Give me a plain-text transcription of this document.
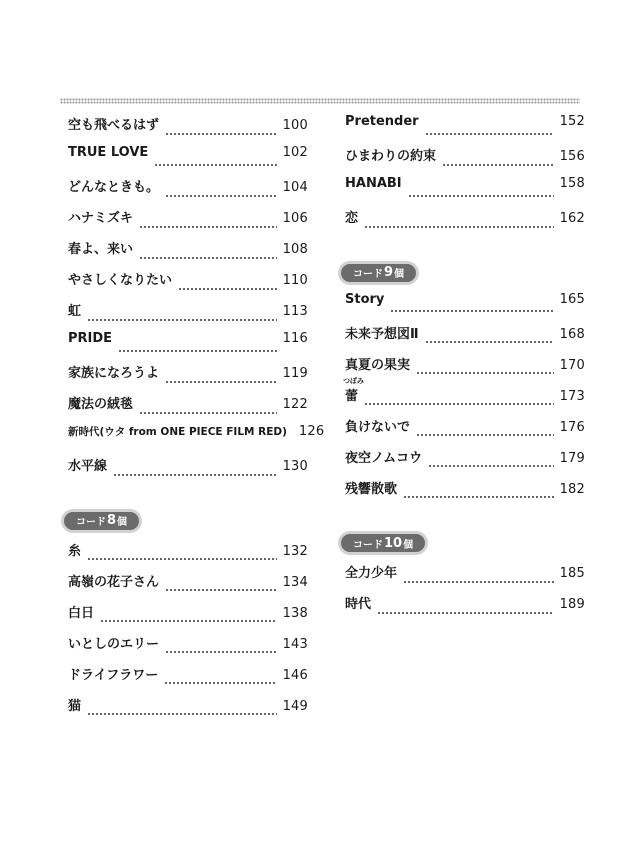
空も飛べるはず	100
TRUE LOVE	102
どんなときも。	104
ハナミズキ	106
春よ、来い	108
やさしくなりたい	110
虹	113
PRIDE	116
家族になろうよ	119
魔法の絨毯	122
新時代(ウタ from ONE PIECE FILM RED) 126
水平線	130
コード 8 個
糸	132
高嶺の花子さん	134
白日	138
いとしのエリー	143
ドライフラワー	146
猫	149
Pretender	152
ひまわりの約束	156
HANABI	158
恋	162
コード 9 個
Story	165
未来予想図Ⅱ	168
真夏の果実	170
つぼみ
蕾	173
負けないで	176
夜空ノムコウ	179
残響散歌	182
コード 10 個
全力少年	185
時代	189
